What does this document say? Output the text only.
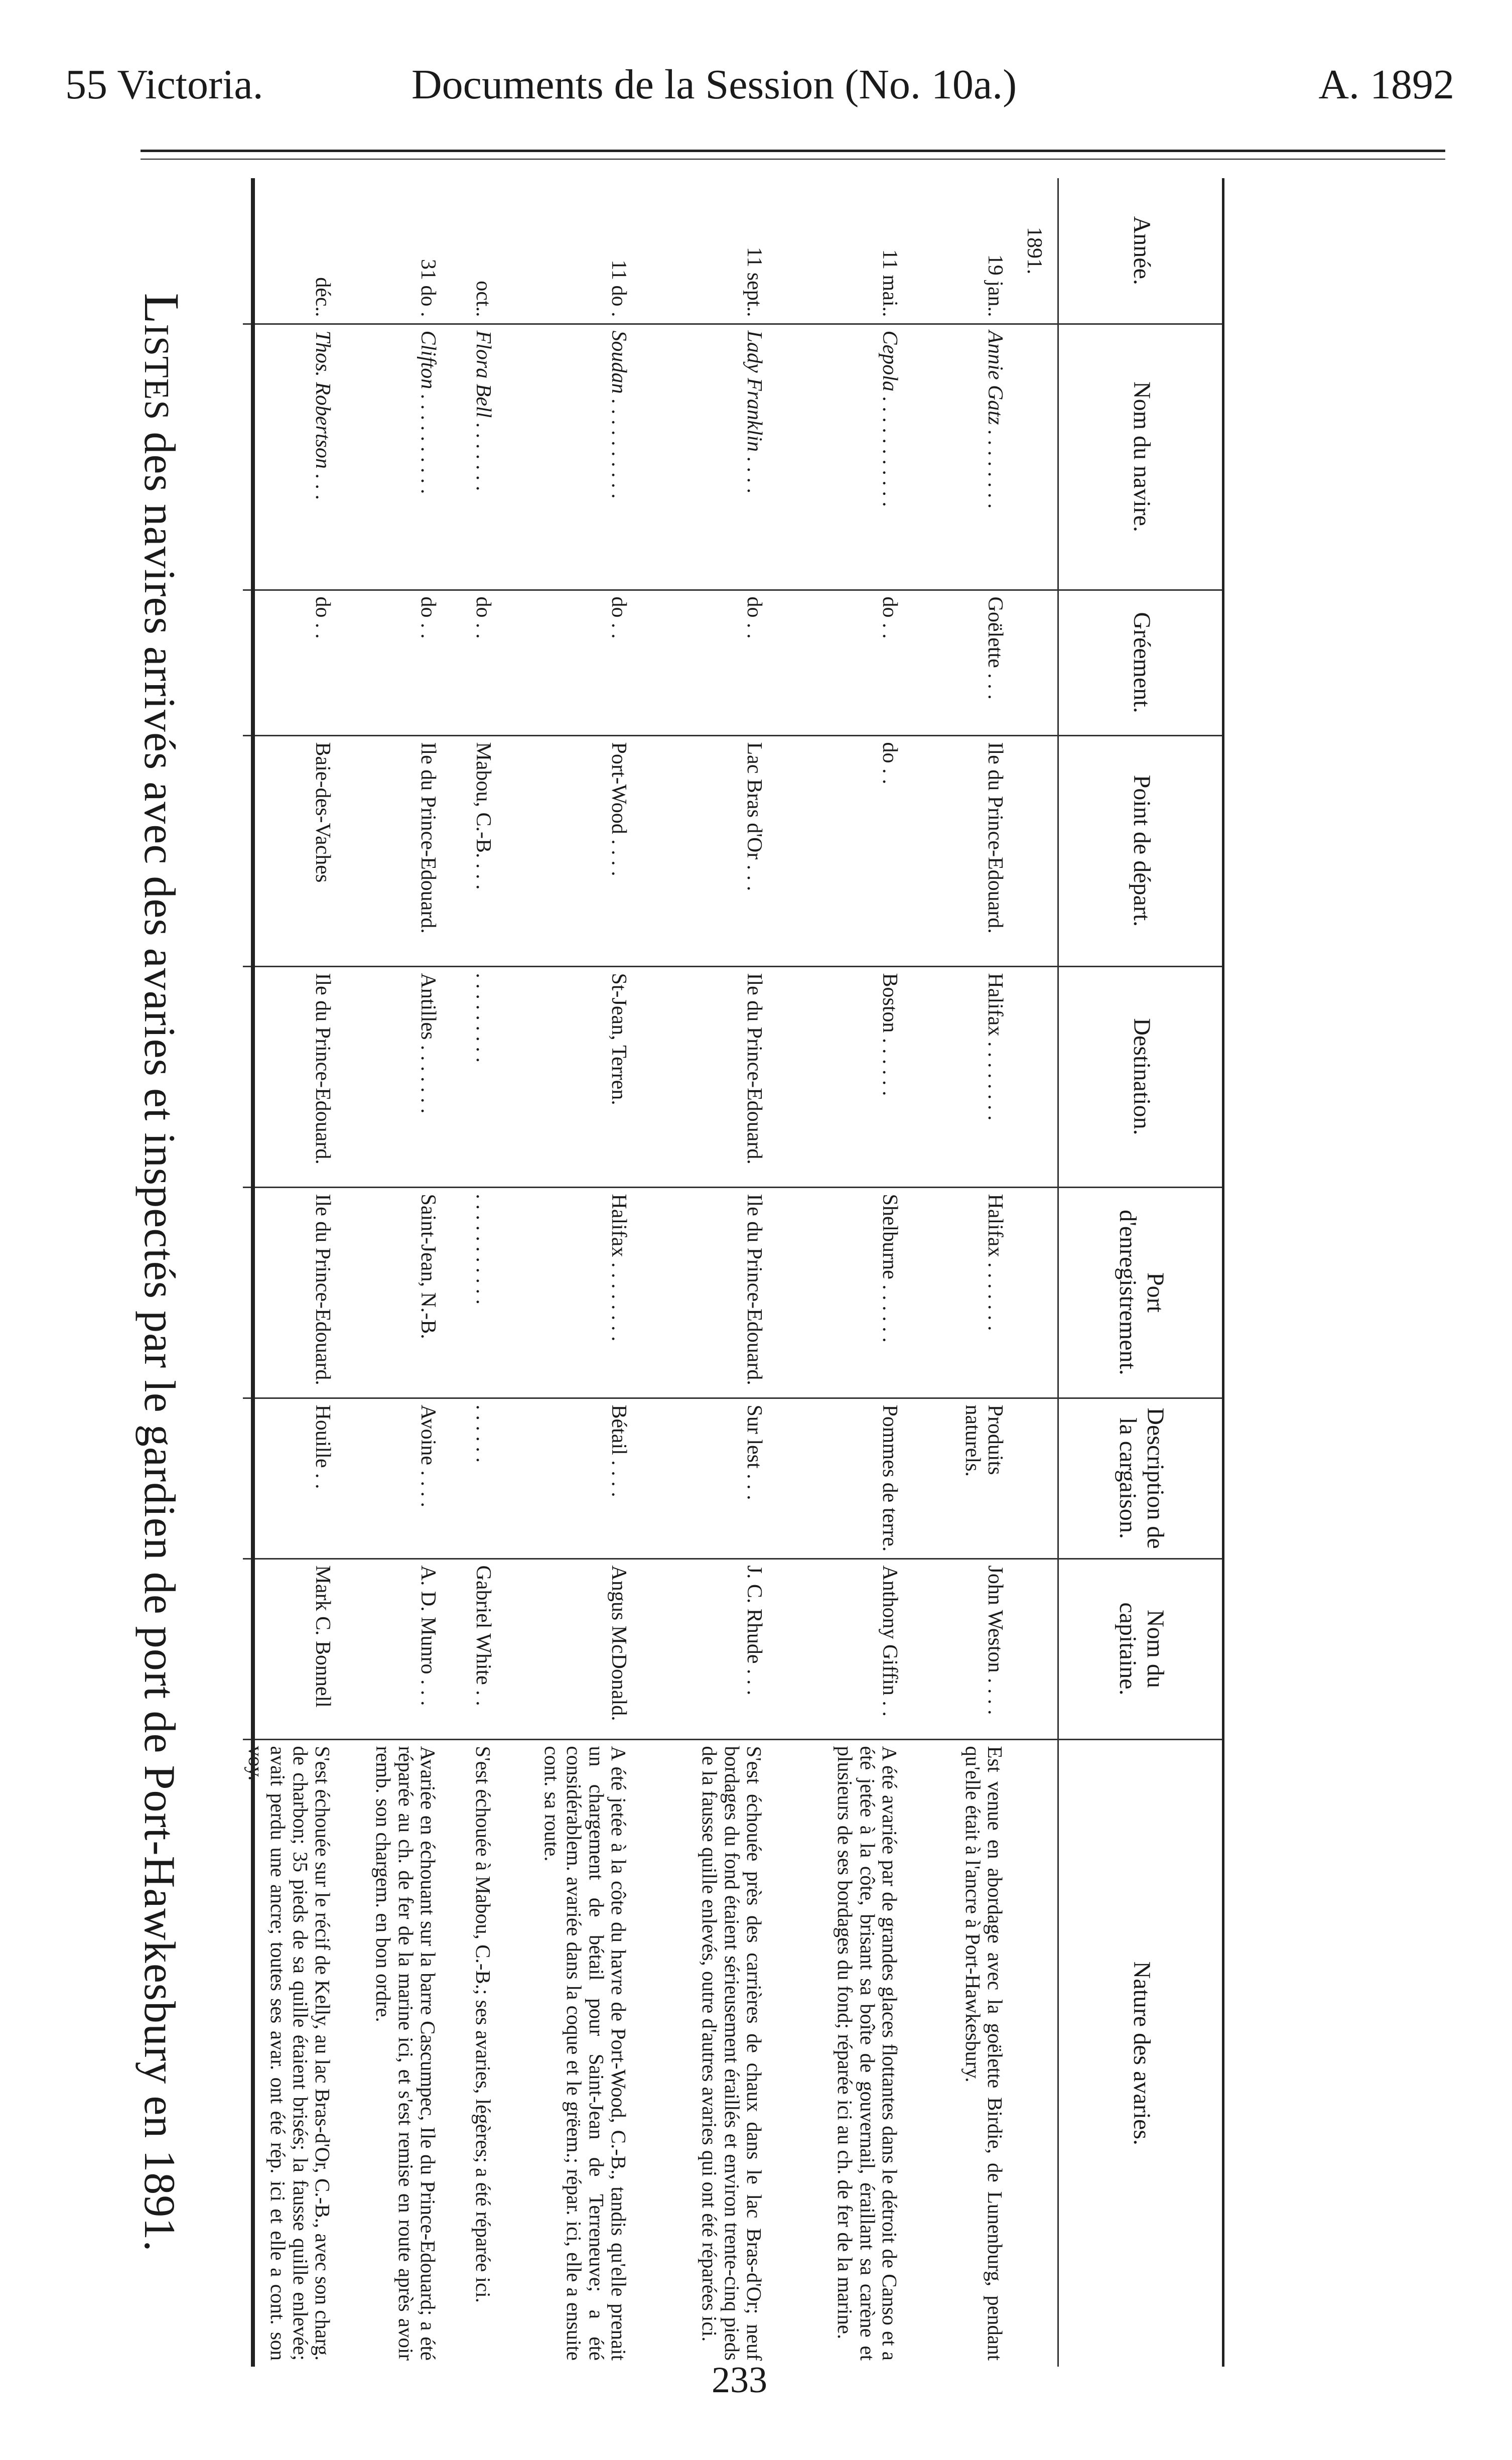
55 Victoria.	Documents de la Session (No. 10a.)	A. 1892
Année.	Nom du navire.	Gréement.	Point de départ.	Destination.	Port d'enregistrement.	Description de la cargaison.	Nom du capitaine.	Nature des avaries.
1891.								
19 jan..	Annie Gatz . . . . . . . .	Goëlette . . .	Ile du Prince-Edouard.	Halifax . . . . . . . .	Halifax . . . . . . .	Produits naturels.	John Weston . . . .	Est venue en abordage avec la goëlette Birdie, de Lunenburg, pendant qu'elle était à l'ancre à Port-Hawkesbury.
11 mai..	Cepola . . . . . . . . . . .	do . .	do . .	Boston . . . . . .	Shelburne . . . . . .	Pommes de terre.	Anthony Giffin . .	A été avariée par de grandes glaces flottantes dans le détroit de Canso et a été jetée à la côte, brisant sa boîte de gouvernail, éraillant sa carène et plusieurs de ses bordages du fond; réparée ici au ch. de fer de la marine.
11 sept..	Lady Franklin . . . .	do . .	Lac Bras d'Or . . .	Ile du Prince-Edouard.	Ile du Prince-Edouard.	Sur lest . . .	J. C. Rhude . . .	S'est échouée près des carrières de chaux dans le lac Bras-d'Or; neuf bordages du fond étaient sérieusement éraillés et environ trente-cinq pieds de la fausse quille enlevés, outre d'autres avaries qui ont été réparées ici.
11 do .	Soudan . . . . . . . . . .	do . .	Port-Wood . . . .	St-Jean, Terren.	Halifax . . . . . . . .	Bétail . . . .	Angus McDonald.	A été jetée à la côte du havre de Port-Wood, C.-B., tandis qu'elle prenait un chargement de bétail pour Saint-Jean de Terreneuve; a été considérablem. avariée dans la coque et le grëem.; répar. ici, elle a ensuite cont. sa route.
oct..	Flora Bell . . . . . . .	do . .	Mabou, C.-B. . . .	. . . . . . . . .	. . . . . . . . . . .	. . . . . .	Gabriel White . .	S'est échouée à Mabou, C.-B.; ses avaries, légères; a été réparée ici.
31 do .	Clifton . . . . . . . . . .	do . .	Ile du Prince-Edouard.	Antilles . . . . . . .	Saint-Jean, N.-B.	Avoine . . . .	A. D. Munro . . .	Avariée en échouant sur la barre Cascumpec, Ile du Prince-Edouard; a été réparée au ch. de fer de la marine ici, et s'est remise en route après avoir remb. son chargem. en bon ordre.
déc..	Thos. Robertson . . .	do . .	Baie-des-Vaches	Ile du Prince-Edouard.	Ile du Prince-Edouard.	Houille . .	Mark C. Bonnell	S'est échouée sur le récif de Kelly, au lac Bras-d'Or, C.-B., avec son charg. de charbon; 35 pieds de sa quille étaient brisés; la fausse quille enlevée; avait perdu une ancre; toutes ses avar. ont été rép. ici et elle a cont. son voy.
Listes des navires arrivés avec des avaries et inspectés par le gardien de port de Port-Hawkesbury en 1891.
233
